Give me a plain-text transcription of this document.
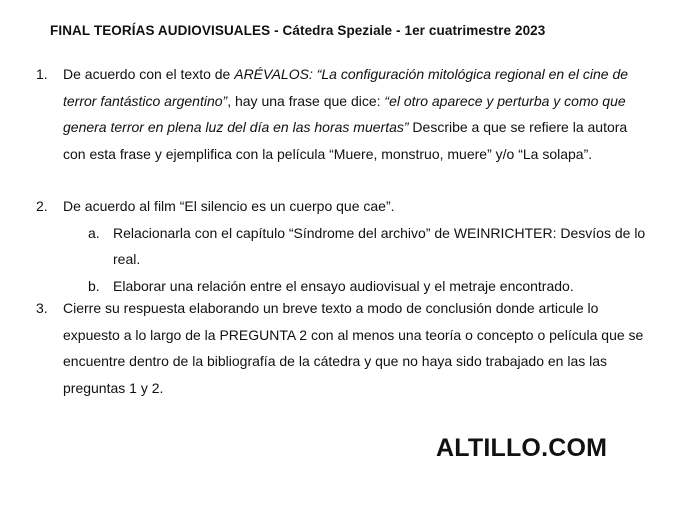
FINAL TEORÍAS AUDIOVISUALES - Cátedra Speziale - 1er cuatrimestre 2023
1. De acuerdo con el texto de ARÉVALOS: “La configuración mitológica regional en el cine de terror fantástico argentino”, hay una frase que dice: “el otro aparece y perturba y como que genera terror en plena luz del día en las horas muertas” Describe a que se refiere la autora con esta frase y ejemplifica con la película “Muere, monstruo, muere” y/o “La solapa”.
2. De acuerdo al film “El silencio es un cuerpo que cae”.
a. Relacionarla con el capítulo “Síndrome del archivo” de WEINRICHTER: Desvíos de lo real.
b. Elaborar una relación entre el ensayo audiovisual y el metraje encontrado.
3. Cierre su respuesta elaborando un breve texto a modo de conclusión donde articule lo expuesto a lo largo de la PREGUNTA 2 con al menos una teoría o concepto o película que se encuentre dentro de la bibliografía de la cátedra y que no haya sido trabajado en las las preguntas 1 y 2.
ALTILLO.COM
